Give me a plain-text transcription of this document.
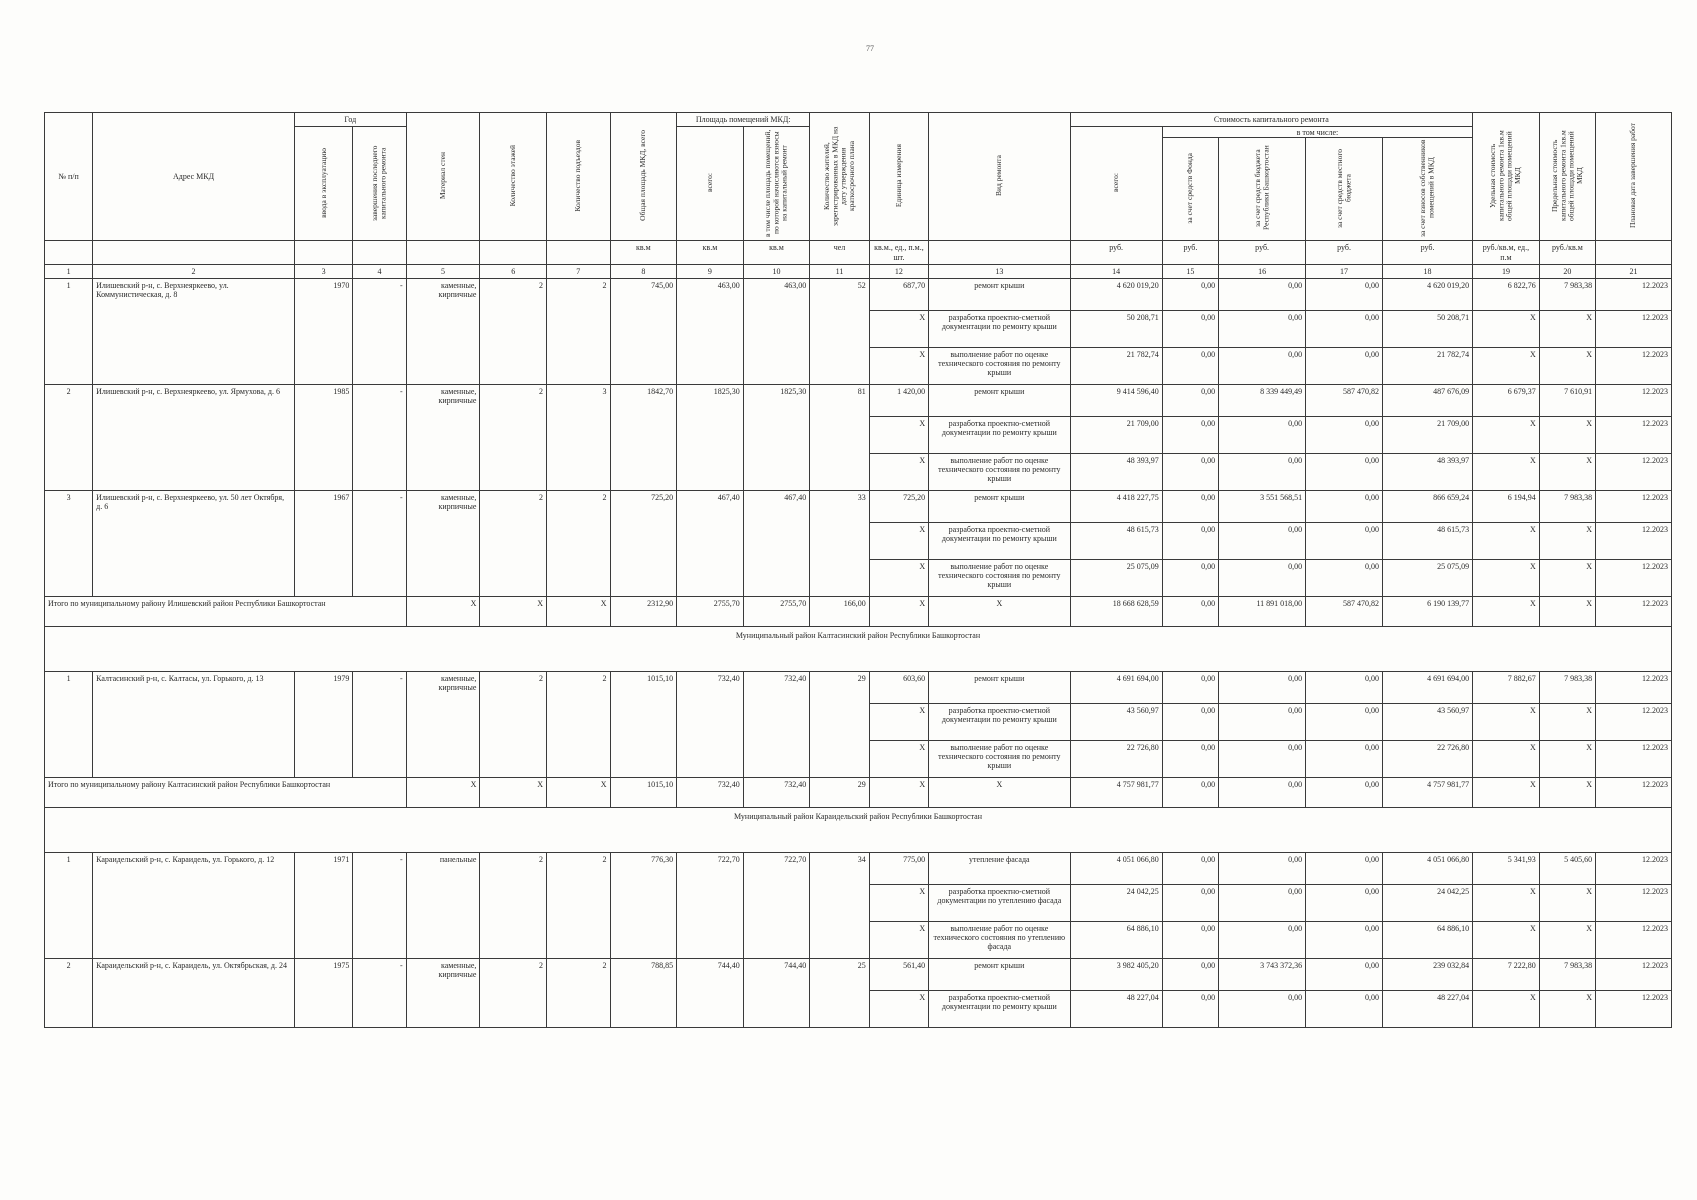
77
№ п/п	Адрес МКД	Год		Материал стен	Количество этажей	Количество подъездов	Общая площадь МКД, всего	Площадь помещений МКД:		Количество жителей, зарегистрированных в МКД на дату утверждения краткосрочного плана	Единица измерения	Вид ремонта	Стоимость капитального ремонта					Удельная стоимость капитального ремонта 1кв.м общей площади помещений МКД	Предельная стоимость капитального ремонта 1кв.м общей площади помещений МКД	Плановая дата завершения работ
		ввода в эксплуатацию	завершения последнего капитального ремонта					всего:	в том числе площадь помещений, по которой начисляются взносы на капитальный ремонт				всего:	в том числе:						
														за счет средств Фонда	за счет средств бюджета Республики Башкортостан	за счет средств местного бюджета	за счет взносов собственников помещений в МКД			
							кв.м	кв.м	кв.м	чел	кв.м., ед., п.м., шт.		руб.	руб.	руб.	руб.	руб.	руб./кв.м, ед., п.м	руб./кв.м	
1	2	3	4	5	6	7	8	9	10	11	12	13	14	15	16	17	18	19	20	21
1	Илишевский р-н, с. Верхнеяркеево, ул. Коммунистическая, д. 8	1970	-	каменные, кирпичные	2	2	745,00	463,00	463,00	52	687,70	ремонт крыши	4 620 019,20	0,00	0,00	0,00	4 620 019,20	6 822,76	7 983,38	12.2023
											X	разработка проектно-сметной документации по ремонту крыши	50 208,71	0,00	0,00	0,00	50 208,71	X	X	12.2023
											X	выполнение работ по оценке технического состояния по ремонту крыши	21 782,74	0,00	0,00	0,00	21 782,74	X	X	12.2023
2	Илишевский р-н, с. Верхнеяркеево, ул. Ярмухова, д. 6	1985	-	каменные, кирпичные	2	3	1842,70	1825,30	1825,30	81	1 420,00	ремонт крыши	9 414 596,40	0,00	8 339 449,49	587 470,82	487 676,09	6 679,37	7 610,91	12.2023
											X	разработка проектно-сметной документации по ремонту крыши	21 709,00	0,00	0,00	0,00	21 709,00	X	X	12.2023
											X	выполнение работ по оценке технического состояния по ремонту крыши	48 393,97	0,00	0,00	0,00	48 393,97	X	X	12.2023
3	Илишевский р-н, с. Верхнеяркеево, ул. 50 лет Октября, д. 6	1967	-	каменные, кирпичные	2	2	725,20	467,40	467,40	33	725,20	ремонт крыши	4 418 227,75	0,00	3 551 568,51	0,00	866 659,24	6 194,94	7 983,38	12.2023
											X	разработка проектно-сметной документации по ремонту крыши	48 615,73	0,00	0,00	0,00	48 615,73	X	X	12.2023
											X	выполнение работ по оценке технического состояния по ремонту крыши	25 075,09	0,00	0,00	0,00	25 075,09	X	X	12.2023
Итого по муниципальному району Илишевский район Республики Башкортостан				X	X	X	2312,90	2755,70	2755,70	166,00	X	X	18 668 628,59	0,00	11 891 018,00	587 470,82	6 190 139,77	X	X	12.2023
Муниципальный район Калтасинский район Республики Башкортостан																				
1	Калтасинский р-н, с. Калтасы, ул. Горького, д. 13	1979	-	каменные, кирпичные	2	2	1015,10	732,40	732,40	29	603,60	ремонт крыши	4 691 694,00	0,00	0,00	0,00	4 691 694,00	7 882,67	7 983,38	12.2023
											X	разработка проектно-сметной документации по ремонту крыши	43 560,97	0,00	0,00	0,00	43 560,97	X	X	12.2023
											X	выполнение работ по оценке технического состояния по ремонту крыши	22 726,80	0,00	0,00	0,00	22 726,80	X	X	12.2023
Итого по муниципальному району Калтасинский район Республики Башкортостан				X	X	X	1015,10	732,40	732,40	29	X	X	4 757 981,77	0,00	0,00	0,00	4 757 981,77	X	X	12.2023
Муниципальный район Караидельский район Республики Башкортостан																				
1	Караидельский р-н, с. Караидель, ул. Горького, д. 12	1971	-	панельные	2	2	776,30	722,70	722,70	34	775,00	утепление фасада	4 051 066,80	0,00	0,00	0,00	4 051 066,80	5 341,93	5 405,60	12.2023
											X	разработка проектно-сметной документации по утеплению фасада	24 042,25	0,00	0,00	0,00	24 042,25	X	X	12.2023
											X	выполнение работ по оценке технического состояния по утеплению фасада	64 886,10	0,00	0,00	0,00	64 886,10	X	X	12.2023
2	Караидельский р-н, с. Караидель, ул. Октябрьская, д. 24	1975	-	каменные, кирпичные	2	2	788,85	744,40	744,40	25	561,40	ремонт крыши	3 982 405,20	0,00	3 743 372,36	0,00	239 032,84	7 222,80	7 983,38	12.2023
											X	разработка проектно-сметной документации по ремонту крыши	48 227,04	0,00	0,00	0,00	48 227,04	X	X	12.2023
